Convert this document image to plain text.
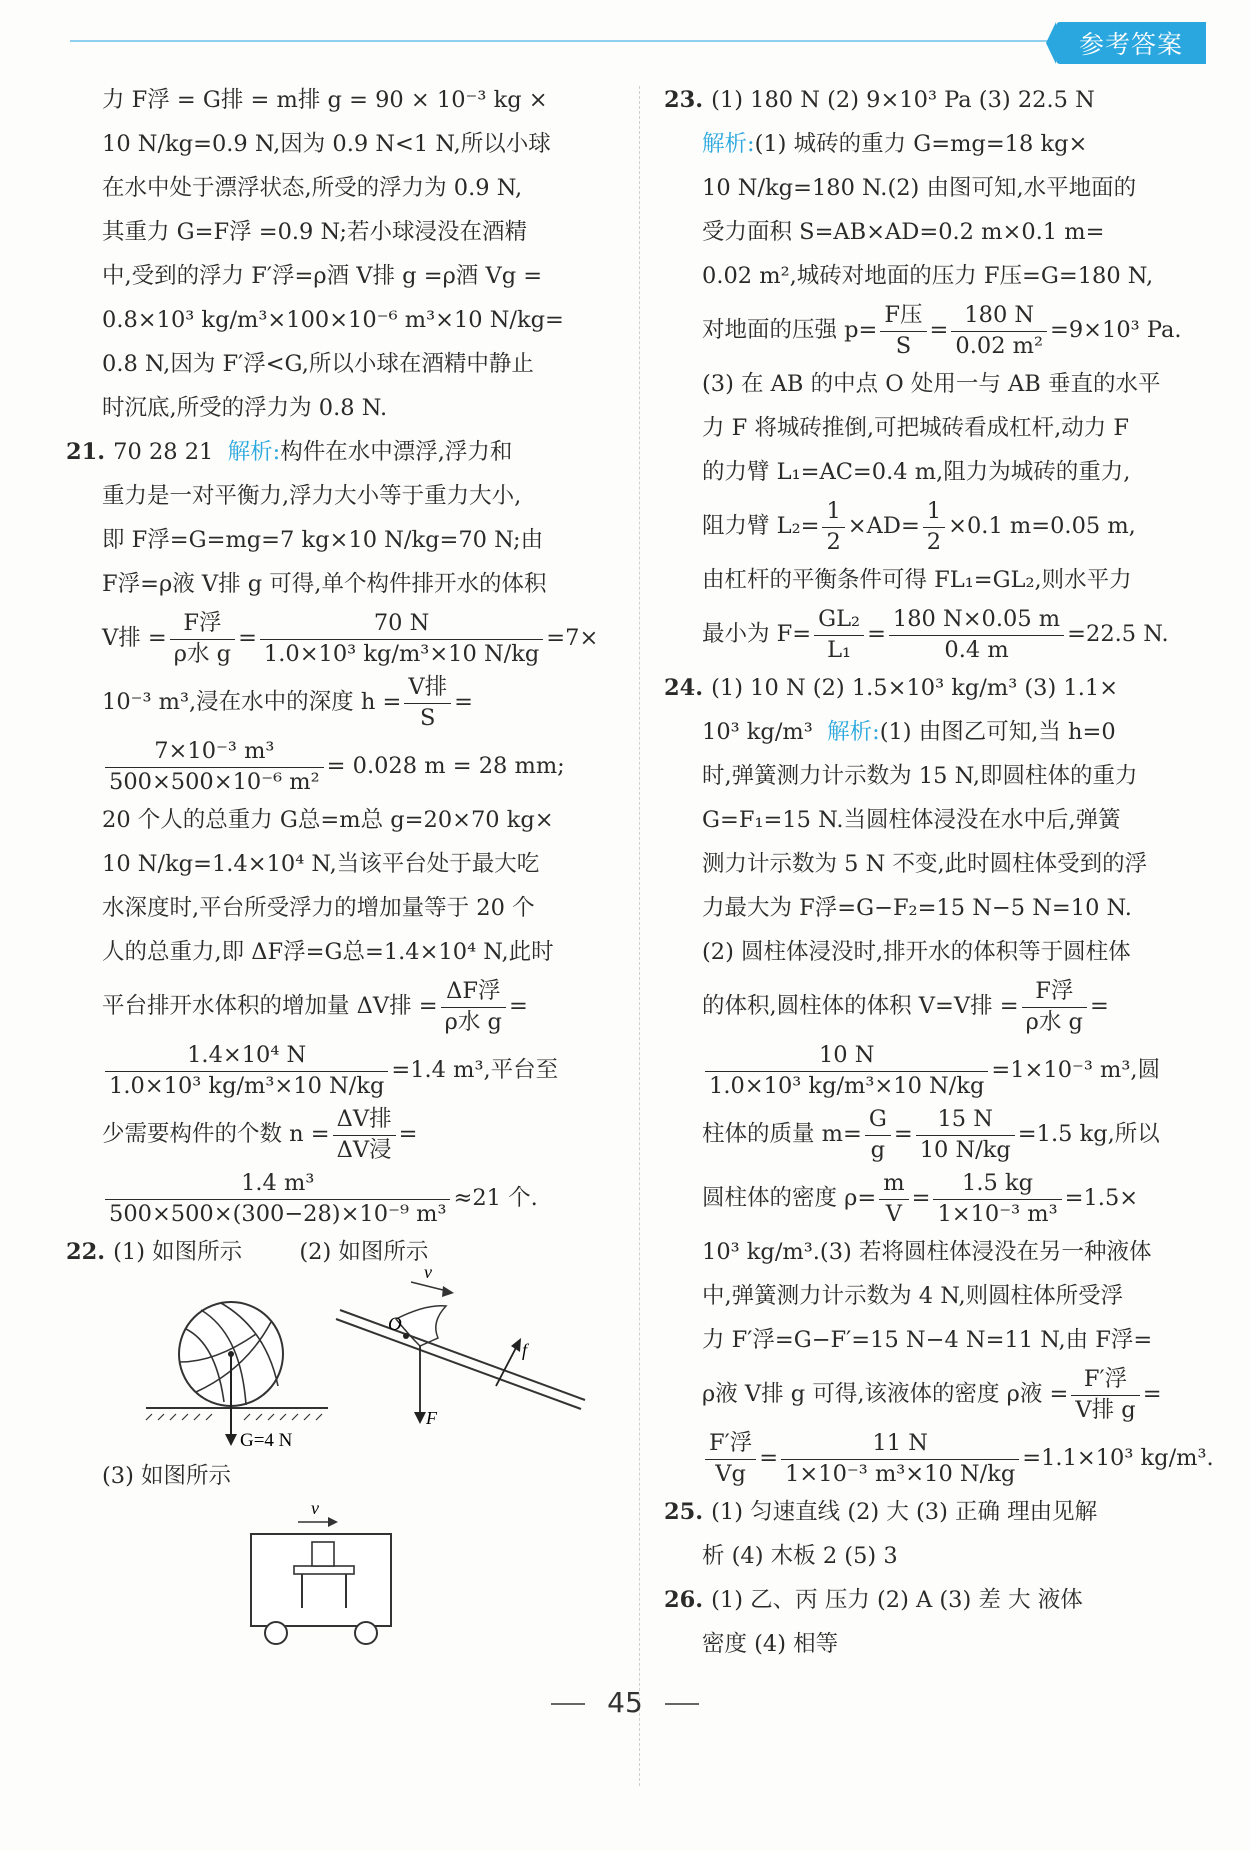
参考答案
力 F浮 = G排 = m排 g = 90 × 10⁻³ kg ×
10 N/kg=0.9 N,因为 0.9 N<1 N,所以小球
在水中处于漂浮状态,所受的浮力为 0.9 N,
其重力 G=F浮 =0.9 N;若小球浸没在酒精
中,受到的浮力 F′浮=ρ酒 V排 g =ρ酒 Vg =
0.8×10³ kg/m³×100×10⁻⁶ m³×10 N/kg=
0.8 N,因为 F′浮<G,所以小球在酒精中静止
时沉底,所受的浮力为 0.8 N.
21. 70 28 21 解析:构件在水中漂浮,浮力和
重力是一对平衡力,浮力大小等于重力大小,
即 F浮=G=mg=7 kg×10 N/kg=70 N;由
F浮=ρ液 V排 g 可得,单个构件排开水的体积
V排 =
F浮
ρ水 g
= $\frac{70 N}{\text{1.0×10³ kg/m³×10 N/kg}} =7\times$
10⁻³ m³,浸在水中的深度 h =
V排
S
=
$\frac{\text{7×10⁻³ m³}}{\text{500×500×10⁻⁶ m²}} = 0.028$ m = 28 mm;
20 个人的总重力 G总=m总 g=20×70 kg×
10 N/kg=1.4×10⁴ N,当该平台处于最大吃
水深度时,平台所受浮力的增加量等于 20 个
人的总重力,即 ΔF浮=G总=1.4×10⁴ N,此时
平台排开水体积的增加量 ΔV排 =
ΔF浮
ρ水 g
=
$\frac{\text{1.4×10⁴ N}}{\text{1.0×10³ kg/m³×10 N/kg}} =1.4$ m³,平台至
少需要构件的个数 n =
ΔV排
ΔV浸
=
$\frac{\text{1.4 m³}}{\text{500×500×(300−28)×10⁻⁹ m³}} \approx 21$ 个.
22. (1) 如图所示	(2) 如图所示
G=4 N
v
O
f
F
(3) 如图所示
v
23. (1) 180 N (2) 9×10³ Pa (3) 22.5 N
解析:(1) 城砖的重力 G=mg=18 kg×
10 N/kg=180 N.(2) 由图可知,水平地面的
受力面积 S=AB×AD=0.2 m×0.1 m=
0.02 m²,城砖对地面的压力 F压=G=180 N,
对地面的压强 p=
F压
S
= $\frac{180 N}{\text{0.02 m²}} =9\times 10^3$ Pa.
(3) 在 AB 的中点 O 处用一与 AB 垂直的水平
力 F 将城砖推倒,可把城砖看成杠杆,动力 F
的力臂 L₁=AC=0.4 m,阻力为城砖的重力,
阻力臂 $L_2= \frac{1}{2} \times AD= \frac{1}{2} \times 0.1$ m=0.05 m,
由杠杆的平衡条件可得 FL₁=GL₂,则水平力
最小为 $F= \frac{\text{GL₂}}{\text{L₁}} = \frac{180 N\times 0.05 m}{0.4 m} =22.5$ N.
24. (1) 10 N (2) 1.5×10³ kg/m³ (3) 1.1×
10³ kg/m³ 解析:(1) 由图乙可知,当 h=0
时,弹簧测力计示数为 15 N,即圆柱体的重力
G=F₁=15 N.当圆柱体浸没在水中后,弹簧
测力计示数为 5 N 不变,此时圆柱体受到的浮
力最大为 F浮=G−F₂=15 N−5 N=10 N.
(2) 圆柱体浸没时,排开水的体积等于圆柱体
的体积,圆柱体的体积 V=V排 =
F浮
ρ水 g
=
$\frac{10 N}{\text{1.0×10³ kg/m³×10 N/kg}} =1\times 10^{-3}$ m³,圆
柱体的质量 $m= \frac{G}{g} = \frac{15 N}{10 N/kg} =1.5$ kg,所以
圆柱体的密度 $\rho= \frac{m}{V} = \frac{1.5 kg}{\text{1×10⁻³ m³}} =1.5\times$
10³ kg/m³.(3) 若将圆柱体浸没在另一种液体
中,弹簧测力计示数为 4 N,则圆柱体所受浮
力 F′浮=G−F′=15 N−4 N=11 N,由 F浮=
ρ液 V排 g 可得,该液体的密度 ρ液 =
F′浮
V排 g
=
F′浮
Vg
= $\frac{11 N}{\text{1×10⁻³ m³×10 N/kg}} =1.1\times 10^3$ kg/m³.
25. (1) 匀速直线 (2) 大 (3) 正确 理由见解
析 (4) 木板 2 (5) 3
26. (1) 乙、丙 压力 (2) A (3) 差 大 液体
密度 (4) 相等
45
